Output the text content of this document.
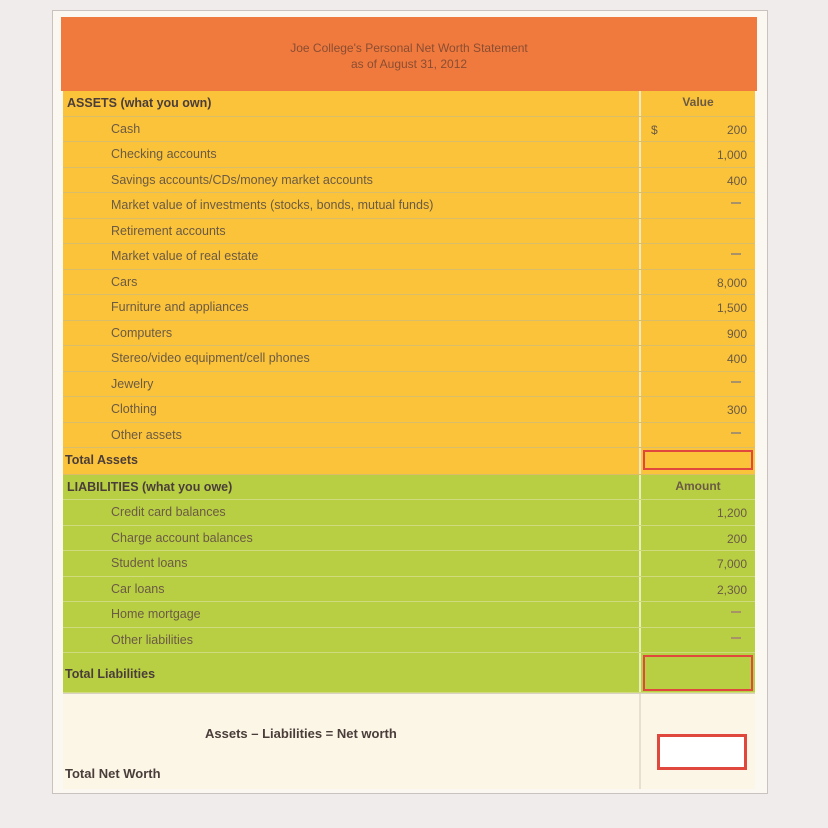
Joe College's Personal Net Worth Statement
as of August 31, 2012
ASSETS (what you own)	Value
Cash	$	200
Checking accounts	1,000
Savings accounts/CDs/money market accounts	400
Market value of investments (stocks, bonds, mutual funds)
Retirement accounts
Market value of real estate
Cars	8,000
Furniture and appliances	1,500
Computers	900
Stereo/video equipment/cell phones	400
Jewelry
Clothing	300
Other assets
Total Assets
LIABILITIES (what you owe)	Amount
Credit card balances	1,200
Charge account balances	200
Student loans	7,000
Car loans	2,300
Home mortgage
Other liabilities
Total Liabilities
Assets – Liabilities = Net worth
Total Net Worth
